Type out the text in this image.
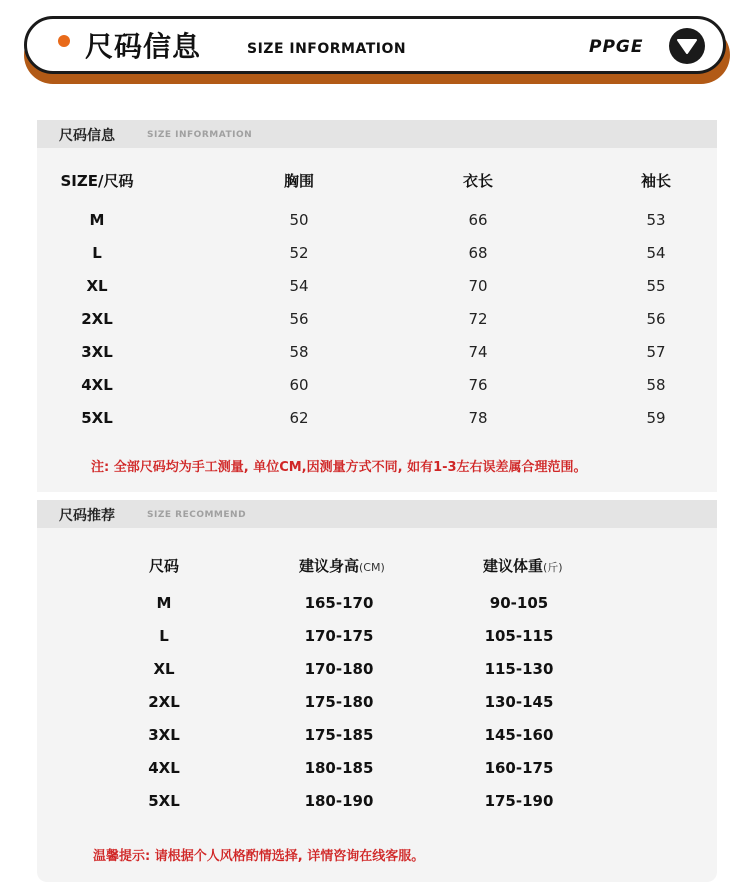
尺码信息	SIZE INFORMATION	PPGE
尺码信息	SIZE INFORMATION
SIZE/尺码	胸围	衣长	袖长
M	50	66	53
L	52	68	54
XL	54	70	55
2XL	56	72	56
3XL	58	74	57
4XL	60	76	58
5XL	62	78	59
注: 全部尺码均为手工测量, 单位CM,因测量方式不同, 如有1-3左右误差属合理范围。
尺码推荐	SIZE RECOMMEND
尺码	建议身高(CM)	建议体重(斤)
M	165-170	90-105
L	170-175	105-115
XL	170-180	115-130
2XL	175-180	130-145
3XL	175-185	145-160
4XL	180-185	160-175
5XL	180-190	175-190
温馨提示: 请根据个人风格酌情选择, 详情咨询在线客服。
